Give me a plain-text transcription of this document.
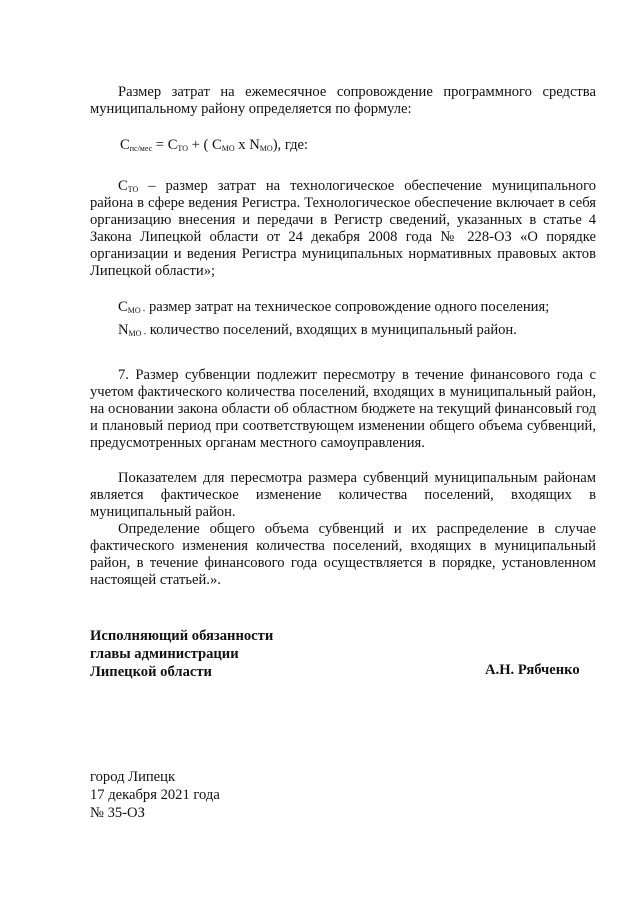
Размер затрат на ежемесячное сопровождение программного средства муниципальному району определяется по формуле:

$С_{пс/мес} = С_{ТО}$ + ( $С_{МО}$ х $N_{МО}$), где:

$С_{ТО}$ – размер затрат на технологическое обеспечение муниципального района в сфере ведения Регистра. Технологическое обеспечение включает в себя организацию внесения и передачи в Регистр сведений, указанных в статье 4 Закона Липецкой области от 24 декабря 2008 года № 228-ОЗ «О порядке организации и ведения Регистра муниципальных нормативных правовых актов Липецкой области»;

$С_{МО -}$ размер затрат на техническое сопровождение одного поселения;

$N_{МО -}$ количество поселений, входящих в муниципальный район.

7. Размер субвенции подлежит пересмотру в течение финансового года с учетом фактического количества поселений, входящих в муниципальный район, на основании закона области об областном бюджете на текущий финансовый год и плановый период при соответствующем изменении общего объема субвенций, предусмотренных органам местного самоуправления.

Показателем для пересмотра размера субвенций муниципальным районам является фактическое изменение количества поселений, входящих в муниципальный район.

Определение общего объема субвенций и их распределение в случае фактического изменения количества поселений, входящих в муниципальный район, в течение финансового года осуществляется в порядке, установленном настоящей статьей.».

Исполняющий обязанности
главы администрации
Липецкой области	А.Н. Рябченко
город Липецк
17 декабря 2021 года
№ 35-ОЗ
